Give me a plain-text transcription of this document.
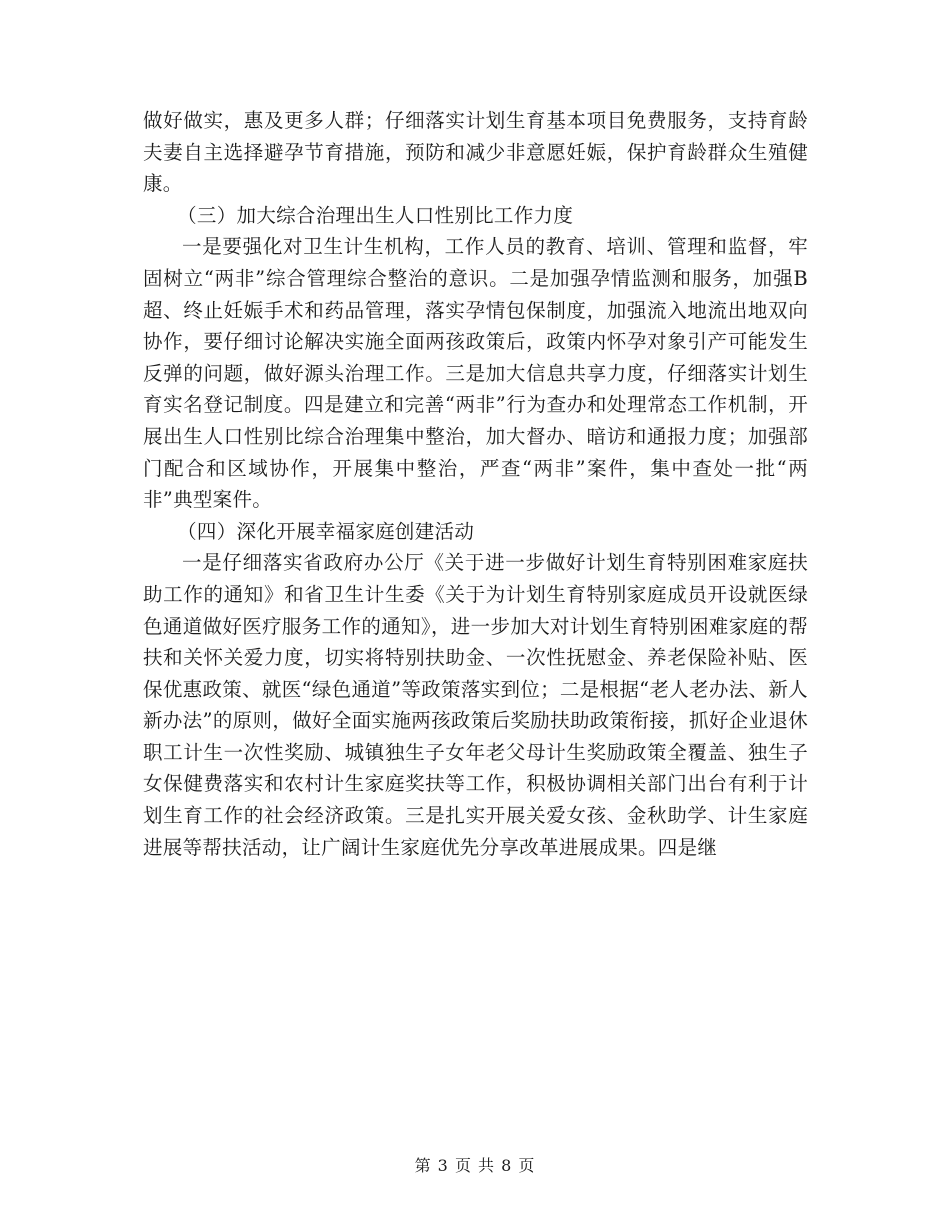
做好做实，惠及更多人群；仔细落实计划生育基本项目免费服务，支持育龄夫妻自主选择避孕节育措施，预防和减少非意愿妊娠，保护育龄群众生殖健康。

（三）加大综合治理出生人口性别比工作力度

一是要强化对卫生计生机构，工作人员的教育、培训、管理和监督，牢固树立“两非”综合管理综合整治的意识。二是加强孕情监测和服务，加强B超、终止妊娠手术和药品管理，落实孕情包保制度，加强流入地流出地双向协作，要仔细讨论解决实施全面两孩政策后，政策内怀孕对象引产可能发生反弹的问题，做好源头治理工作。三是加大信息共享力度，仔细落实计划生育实名登记制度。四是建立和完善“两非”行为查办和处理常态工作机制，开展出生人口性别比综合治理集中整治，加大督办、暗访和通报力度；加强部门配合和区域协作，开展集中整治，严查“两非”案件，集中查处一批“两非”典型案件。

（四）深化开展幸福家庭创建活动

一是仔细落实省政府办公厅《关于进一步做好计划生育特别困难家庭扶助工作的通知》和省卫生计生委《关于为计划生育特别家庭成员开设就医绿色通道做好医疗服务工作的通知》，进一步加大对计划生育特别困难家庭的帮扶和关怀关爱力度，切实将特别扶助金、一次性抚慰金、养老保险补贴、医保优惠政策、就医“绿色通道”等政策落实到位；二是根据“老人老办法、新人新办法”的原则，做好全面实施两孩政策后奖励扶助政策衔接，抓好企业退休职工计生一次性奖励、城镇独生子女年老父母计生奖励政策全覆盖、独生子女保健费落实和农村计生家庭奖扶等工作，积极协调相关部门出台有利于计划生育工作的社会经济政策。三是扎实开展关爱女孩、金秋助学、计生家庭进展等帮扶活动，让广阔计生家庭优先分享改革进展成果。四是继

第 3 页 共 8 页
